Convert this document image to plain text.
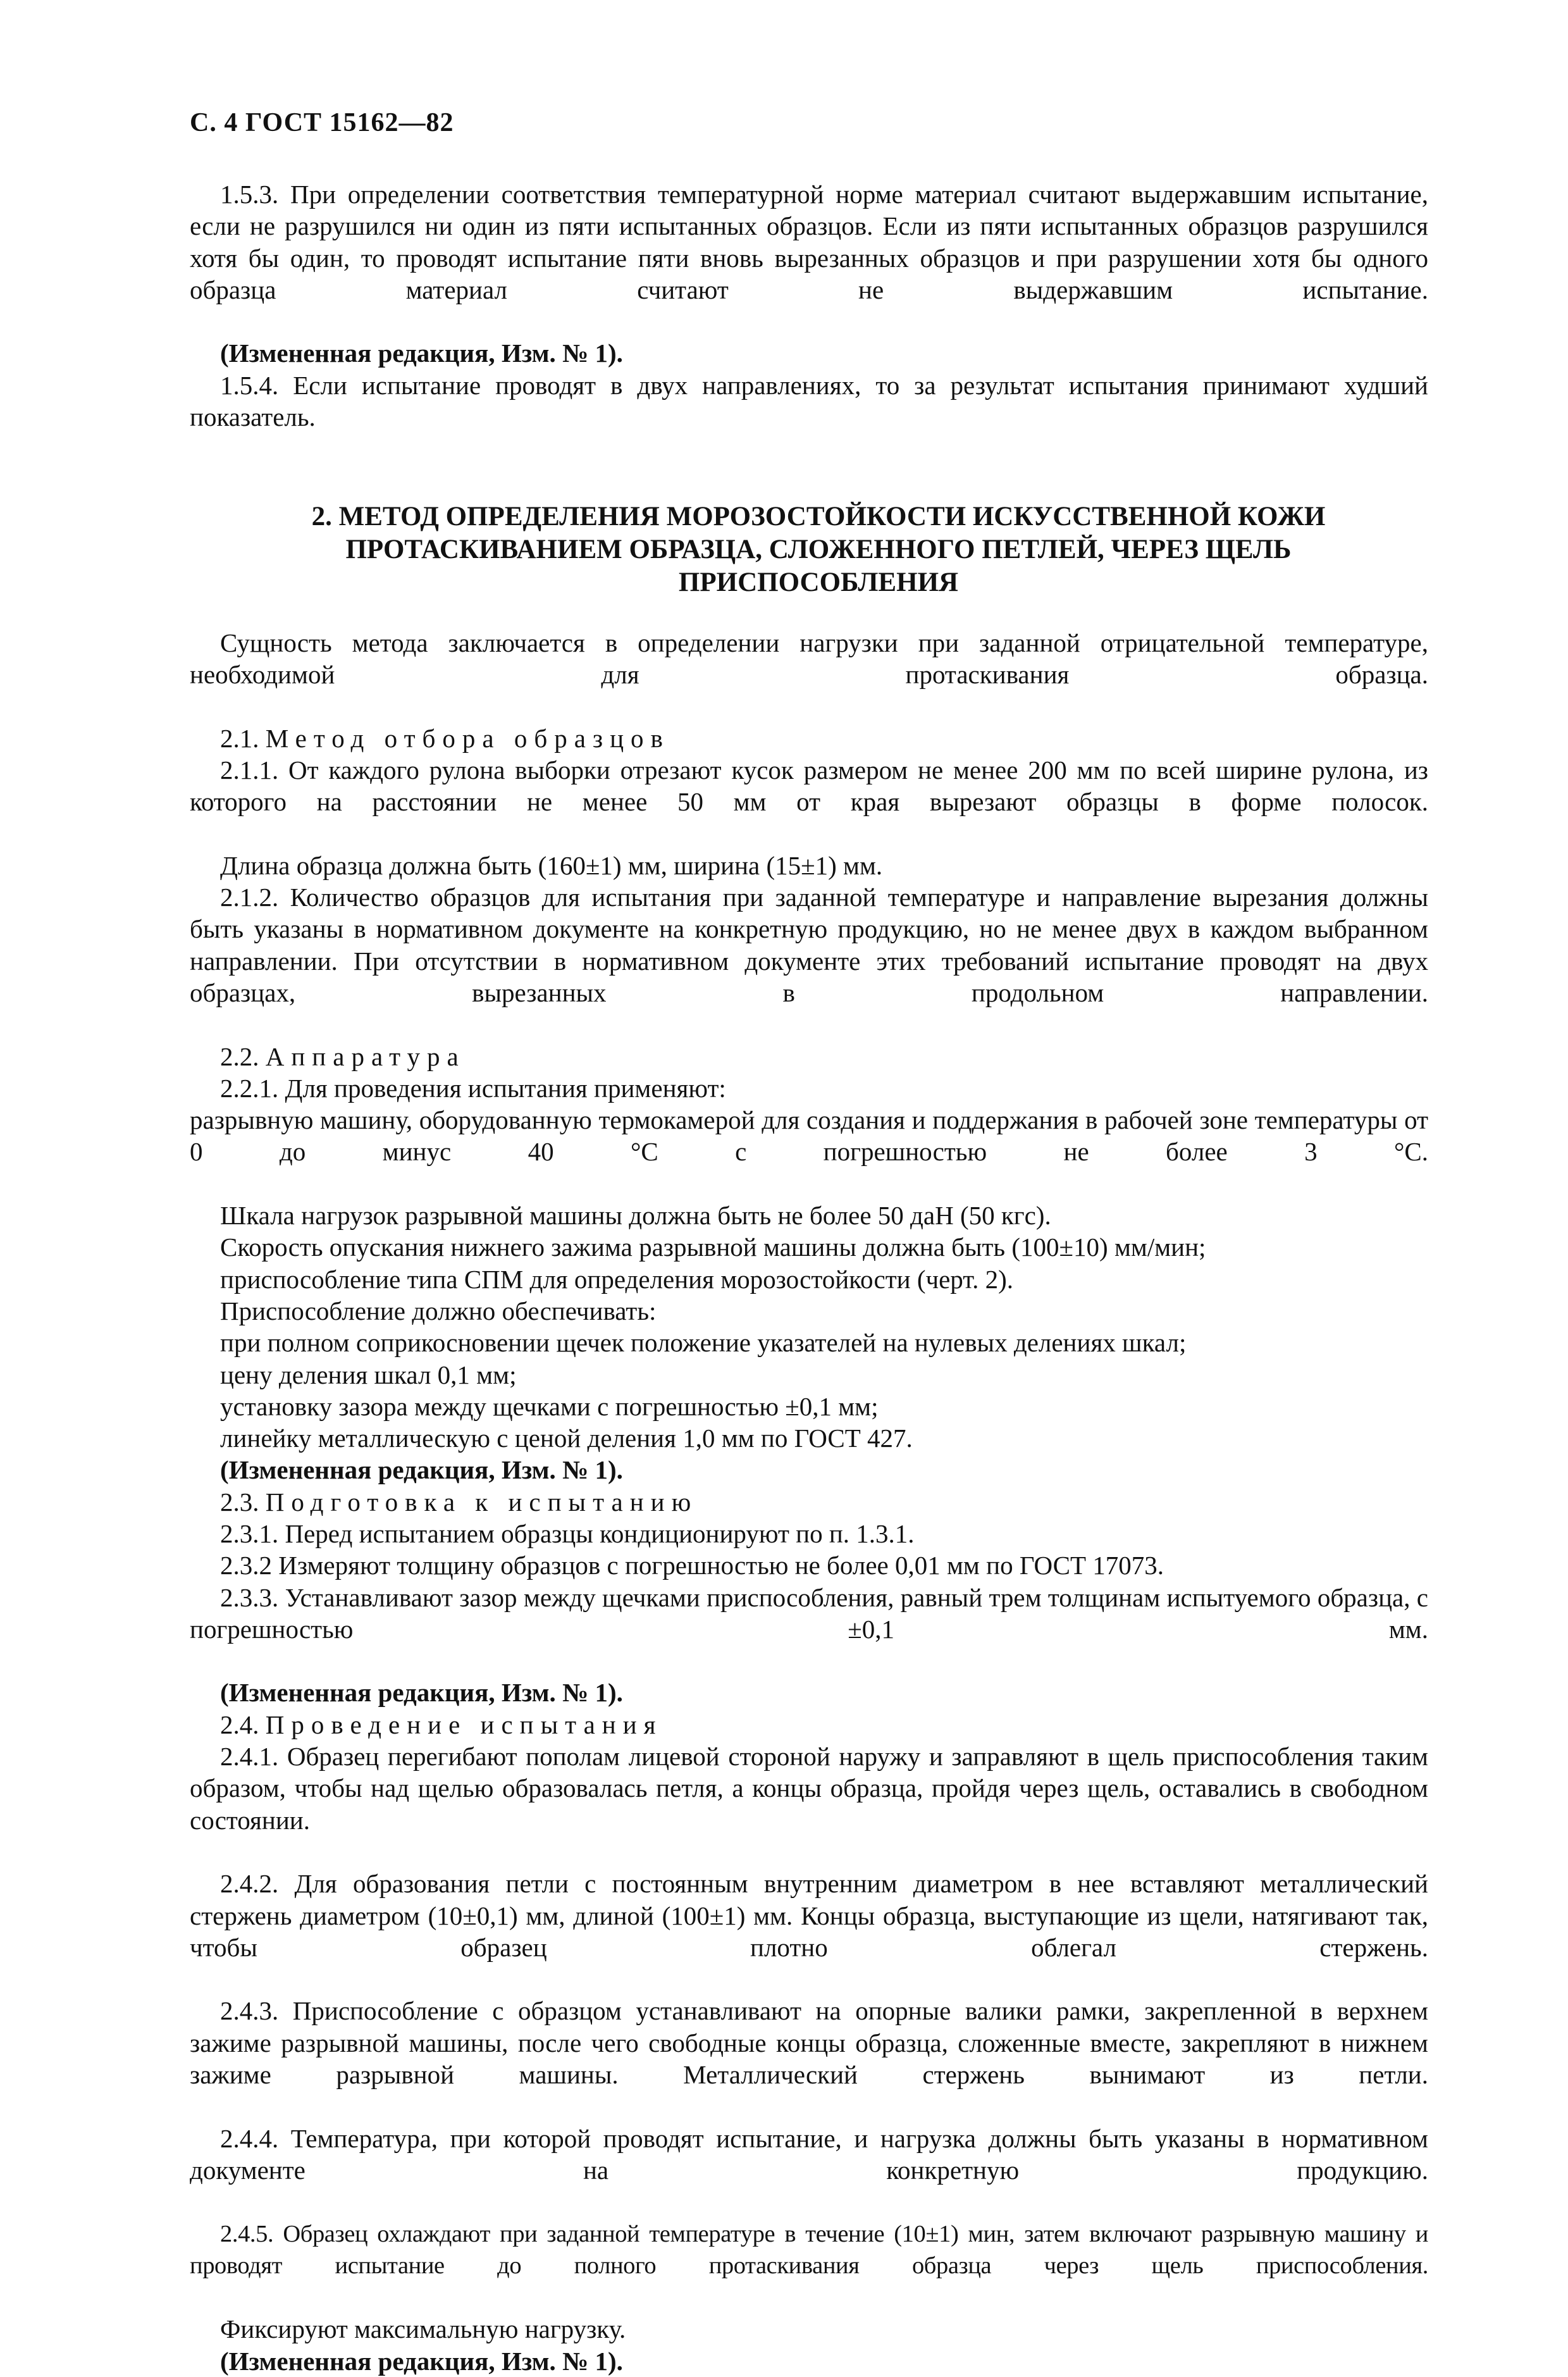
С. 4 ГОСТ 15162—82

1.5.3. При определении соответствия температурной норме материал считают выдержавшим испытание, если не разрушился ни один из пяти испытанных образцов. Если из пяти испытанных образцов разрушился хотя бы один, то проводят испытание пяти вновь вырезанных образцов и при разрушении хотя бы одного образца материал считают не выдержавшим испытание.

(Измененная редакция, Изм. № 1).

1.5.4. Если испытание проводят в двух направлениях, то за результат испытания принимают худший показатель.

2. МЕТОД ОПРЕДЕЛЕНИЯ МОРОЗОСТОЙКОСТИ ИСКУССТВЕННОЙ КОЖИ
ПРОТАСКИВАНИЕМ ОБРАЗЦА, СЛОЖЕННОГО ПЕТЛЕЙ, ЧЕРЕЗ ЩЕЛЬ
ПРИСПОСОБЛЕНИЯ

Сущность метода заключается в определении нагрузки при заданной отрицательной температуре, необходимой для протаскивания образца.

2.1. Метод отбора образцов

2.1.1. От каждого рулона выборки отрезают кусок размером не менее 200 мм по всей ширине рулона, из которого на расстоянии не менее 50 мм от края вырезают образцы в форме полосок.

Длина образца должна быть (160±1) мм, ширина (15±1) мм.

2.1.2. Количество образцов для испытания при заданной температуре и направление вырезания должны быть указаны в нормативном документе на конкретную продукцию, но не менее двух в каждом выбранном направлении. При отсутствии в нормативном документе этих требований испытание проводят на двух образцах, вырезанных в продольном направлении.

2.2. Аппаратура

2.2.1. Для проведения испытания применяют:

разрывную машину, оборудованную термокамерой для создания и поддержания в рабочей зоне температуры от 0 до минус 40 °С с погрешностью не более 3 °С.

Шкала нагрузок разрывной машины должна быть не более 50 даН (50 кгс).

Скорость опускания нижнего зажима разрывной машины должна быть (100±10) мм/мин;

приспособление типа СПМ для определения морозостойкости (черт. 2).

Приспособление должно обеспечивать:

при полном соприкосновении щечек положение указателей на нулевых делениях шкал;

цену деления шкал 0,1 мм;

установку зазора между щечками с погрешностью ±0,1 мм;

линейку металлическую с ценой деления 1,0 мм по ГОСТ 427.

(Измененная редакция, Изм. № 1).

2.3. Подготовка к испытанию

2.3.1. Перед испытанием образцы кондиционируют по п. 1.3.1.

2.3.2 Измеряют толщину образцов с погрешностью не более 0,01 мм по ГОСТ 17073.

2.3.3. Устанавливают зазор между щечками приспособления, равный трем толщинам испытуемого образца, с погрешностью ±0,1 мм.

(Измененная редакция, Изм. № 1).

2.4. Проведение испытания

2.4.1. Образец перегибают пополам лицевой стороной наружу и заправляют в щель приспособления таким образом, чтобы над щелью образовалась петля, а концы образца, пройдя через щель, оставались в свободном состоянии.

2.4.2. Для образования петли с постоянным внутренним диаметром в нее вставляют металлический стержень диаметром (10±0,1) мм, длиной (100±1) мм. Концы образца, выступающие из щели, натягивают так, чтобы образец плотно облегал стержень.

2.4.3. Приспособление с образцом устанавливают на опорные валики рамки, закрепленной в верхнем зажиме разрывной машины, после чего свободные концы образца, сложенные вместе, закрепляют в нижнем зажиме разрывной машины. Металлический стержень вынимают из петли.

2.4.4. Температура, при которой проводят испытание, и нагрузка должны быть указаны в нормативном документе на конкретную продукцию.

2.4.5. Образец охлаждают при заданной температуре в течение (10±1) мин, затем включают разрывную машину и проводят испытание до полного протаскивания образца через щель приспособления.

Фиксируют максимальную нагрузку.

(Измененная редакция, Изм. № 1).
